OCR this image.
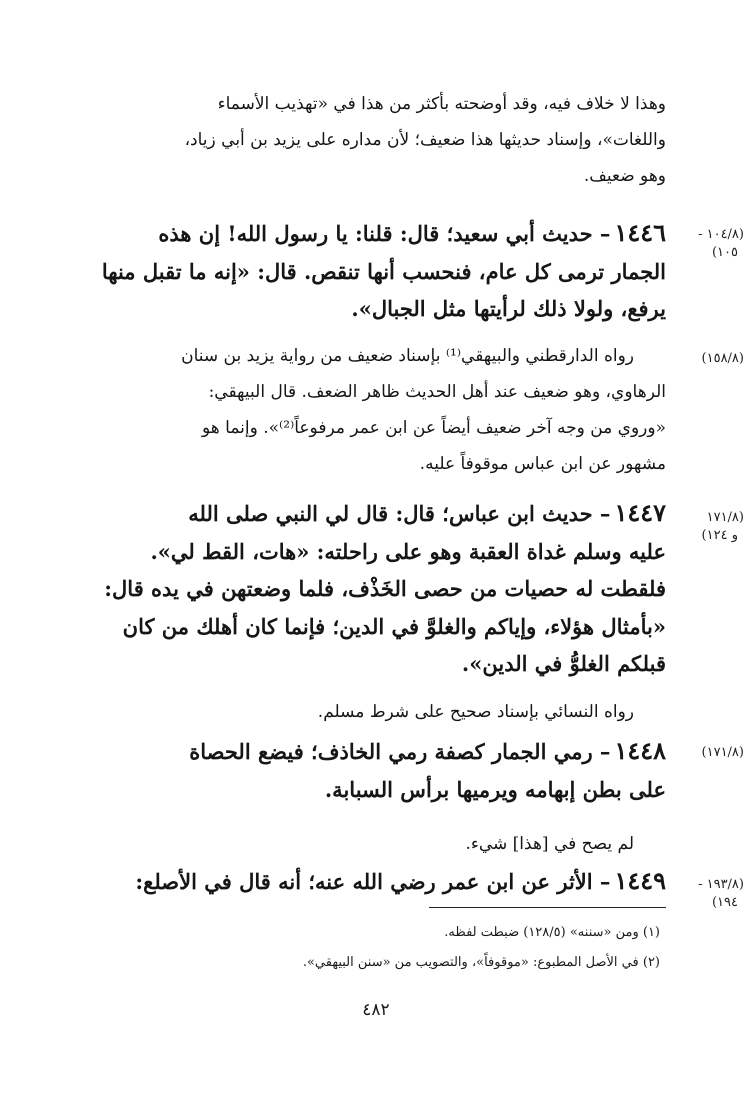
وهذا لا خلاف فيه، وقد أوضحته بأكثر من هذا في «تهذيب الأسماء
واللغات»، وإسناد حديثها هذا ضعيف؛ لأن مداره على يزيد بن أبي زياد،
وهو ضعيف.
(١٠٤/٨ -
١٠٥)
١٤٤٦– حديث أبي سعيد؛ قال: قلنا: يا رسول الله! إن هذه
الجمار ترمى كل عام، فنحسب أنها تنقص. قال: «إنه ما تقبل منها
يرفع، ولولا ذلك لرأيتها مثل الجبال».
(١٥٨/٨)
رواه الدارقطني والبيهقي⁽¹⁾ بإسناد ضعيف من رواية يزيد بن سنان
الرهاوي، وهو ضعيف عند أهل الحديث ظاهر الضعف. قال البيهقي:
«وروي من وجه آخر ضعيف أيضاً عن ابن عمر مرفوعاً⁽²⁾». وإنما هو
مشهور عن ابن عباس موقوفاً عليه.
(١٧١/٨
و ١٢٤)
١٤٤٧– حديث ابن عباس؛ قال: قال لي النبي صلى الله
عليه وسلم غداة العقبة وهو على راحلته: «هات، القط لي».
فلقطت له حصيات من حصى الخَذْف، فلما وضعتهن في يده قال:
«بأمثال هؤلاء، وإياكم والغلوَّ في الدين؛ فإنما كان أهلك من كان
قبلكم الغلوُّ في الدين».
رواه النسائي بإسناد صحيح على شرط مسلم.
(١٧١/٨)
١٤٤٨– رمي الجمار كصفة رمي الخاذف؛ فيضع الحصاة
على بطن إبهامه ويرميها برأس السبابة.
لم يصح في [هذا] شيء.
(١٩٣/٨ -
١٩٤)
١٤٤٩– الأثر عن ابن عمر رضي الله عنه؛ أنه قال في الأصلع:
(١) ومن «سننه» (١٢٨/٥) ضبطت لفظه.
(٢) في الأصل المطبوع: «موقوفاً»، والتصويب من «سنن البيهقي».
٤٨٢
